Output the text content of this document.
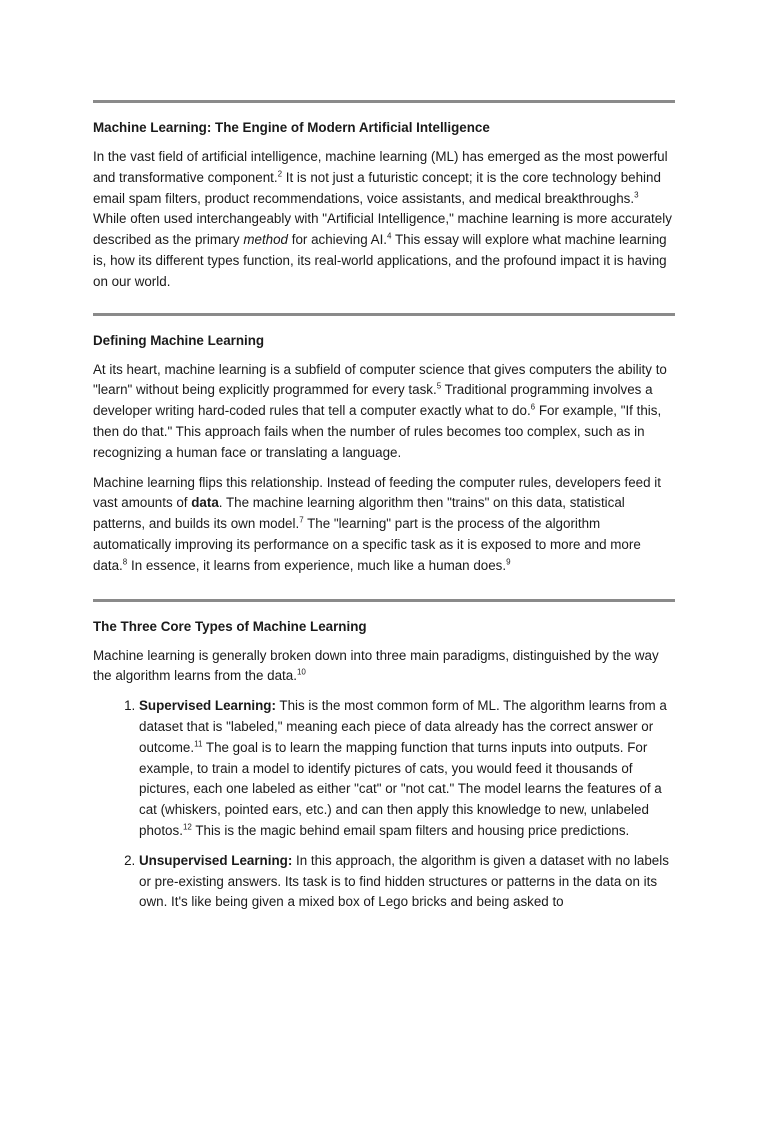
Machine Learning: The Engine of Modern Artificial Intelligence

In the vast field of artificial intelligence, machine learning (ML) has emerged as the most powerful and transformative component.$^2$ It is not just a futuristic concept; it is the core technology behind email spam filters, product recommendations, voice assistants, and medical breakthroughs.$^3$ While often used interchangeably with "Artificial Intelligence," machine learning is more accurately described as the primary method for achieving AI.$^4$ This essay will explore what machine learning is, how its different types function, its real-world applications, and the profound impact it is having on our world.

Defining Machine Learning

At its heart, machine learning is a subfield of computer science that gives computers the ability to "learn" without being explicitly programmed for every task.$^5$ Traditional programming involves a developer writing hard-coded rules that tell a computer exactly what to do.$^6$ For example, "If this, then do that." This approach fails when the number of rules becomes too complex, such as in recognizing a human face or translating a language.

Machine learning flips this relationship. Instead of feeding the computer rules, developers feed it vast amounts of data. The machine learning algorithm then "trains" on this data, statistical patterns, and builds its own model.$^7$ The "learning" part is the process of the algorithm automatically improving its performance on a specific task as it is exposed to more and more data.$^8$ In essence, it learns from experience, much like a human does.$^9$

The Three Core Types of Machine Learning

Machine learning is generally broken down into three main paradigms, distinguished by the way the algorithm learns from the data.$^{10}$

1. Supervised Learning: This is the most common form of ML. The algorithm learns from a dataset that is "labeled," meaning each piece of data already has the correct answer or outcome.$^{11}$ The goal is to learn the mapping function that turns inputs into outputs. For example, to train a model to identify pictures of cats, you would feed it thousands of pictures, each one labeled as either "cat" or "not cat." The model learns the features of a cat (whiskers, pointed ears, etc.) and can then apply this knowledge to new, unlabeled photos.$^{12}$ This is the magic behind email spam filters and housing price predictions.
2. Unsupervised Learning: In this approach, the algorithm is given a dataset with no labels or pre-existing answers. Its task is to find hidden structures or patterns in the data on its own. It's like being given a mixed box of Lego bricks and being asked to
